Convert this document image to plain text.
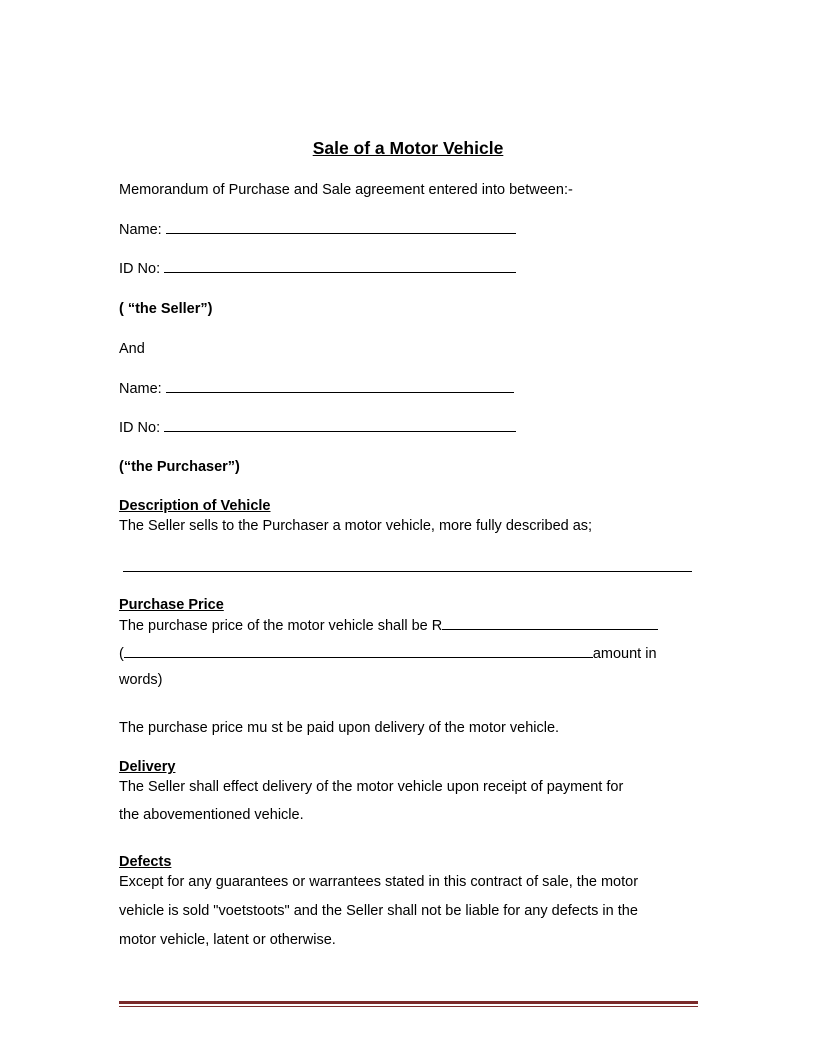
Sale of a Motor Vehicle
Memorandum of Purchase and Sale agreement entered into between:-
Name:
ID No:
( “the Seller”)
And
Name:
ID No:
(“the Purchaser”)
Description of Vehicle
The Seller sells to the Purchaser a motor vehicle, more fully described as;
Purchase Price
The purchase price of the motor vehicle shall be R
(	amount in
words)
The purchase price mu st be paid upon delivery of the motor vehicle.
Delivery
The Seller shall effect delivery of the motor vehicle upon receipt of payment for
the abovementioned vehicle.
Defects
Except for any guarantees or warrantees stated in this contract of sale, the motor
vehicle is sold "voetstoots" and the Seller shall not be liable for any defects in the
motor vehicle, latent or otherwise.
